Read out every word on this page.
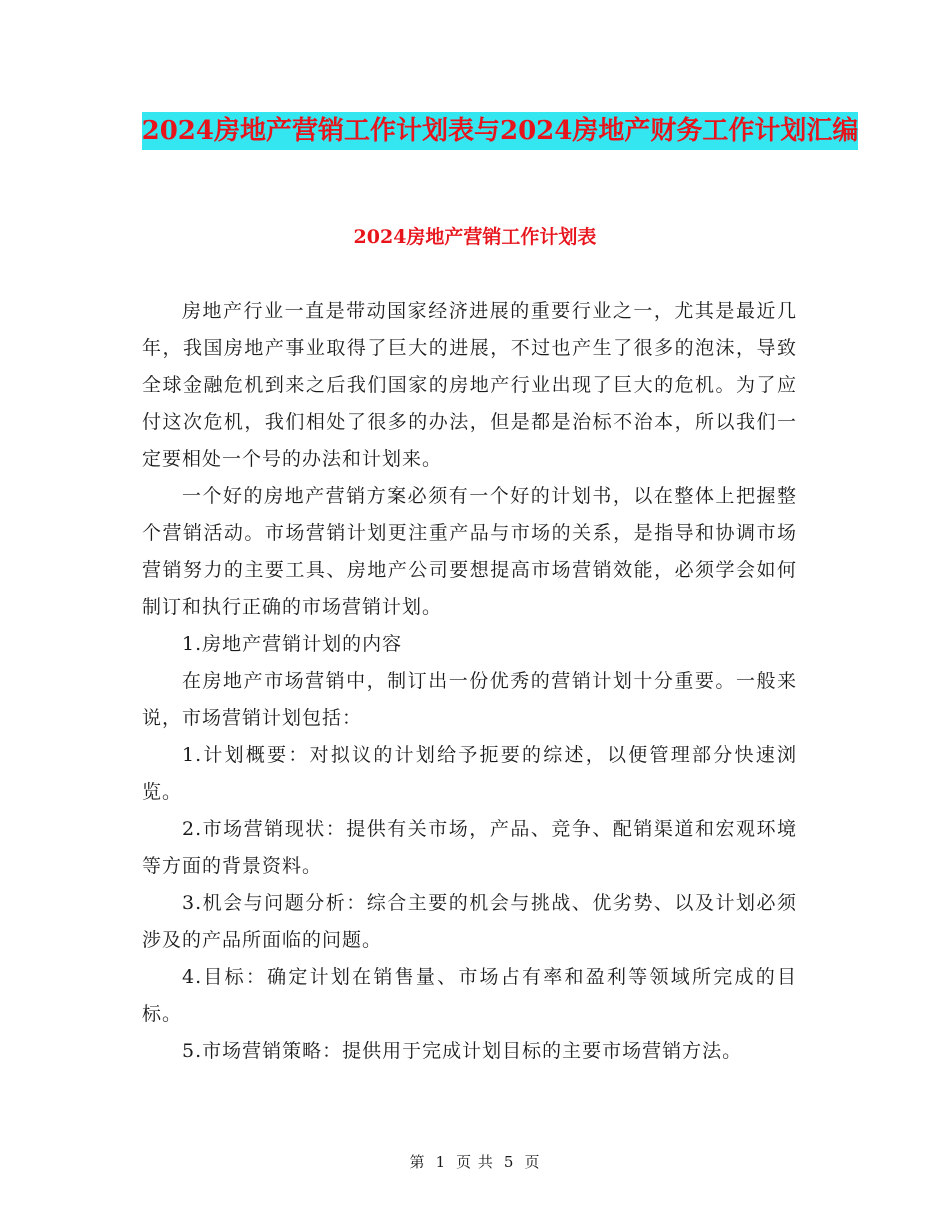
2024房地产营销工作计划表与2024房地产财务工作计划汇编
2024房地产营销工作计划表

房地产行业一直是带动国家经济进展的重要行业之一，尤其是最近几年，我国房地产事业取得了巨大的进展，不过也产生了很多的泡沫，导致全球金融危机到来之后我们国家的房地产行业出现了巨大的危机。为了应付这次危机，我们相处了很多的办法，但是都是治标不治本，所以我们一定要相处一个号的办法和计划来。

一个好的房地产营销方案必须有一个好的计划书，以在整体上把握整个营销活动。市场营销计划更注重产品与市场的关系，是指导和协调市场营销努力的主要工具、房地产公司要想提高市场营销效能，必须学会如何制订和执行正确的市场营销计划。

1.房地产营销计划的内容

在房地产市场营销中，制订出一份优秀的营销计划十分重要。一般来说，市场营销计划包括：

1.计划概要：对拟议的计划给予扼要的综述，以便管理部分快速浏览。

2.市场营销现状：提供有关市场，产品、竞争、配销渠道和宏观环境等方面的背景资料。

3.机会与问题分析：综合主要的机会与挑战、优劣势、以及计划必须涉及的产品所面临的问题。

4.目标：确定计划在销售量、市场占有率和盈利等领域所完成的目标。

5.市场营销策略：提供用于完成计划目标的主要市场营销方法。

第 1 页 共 5 页
